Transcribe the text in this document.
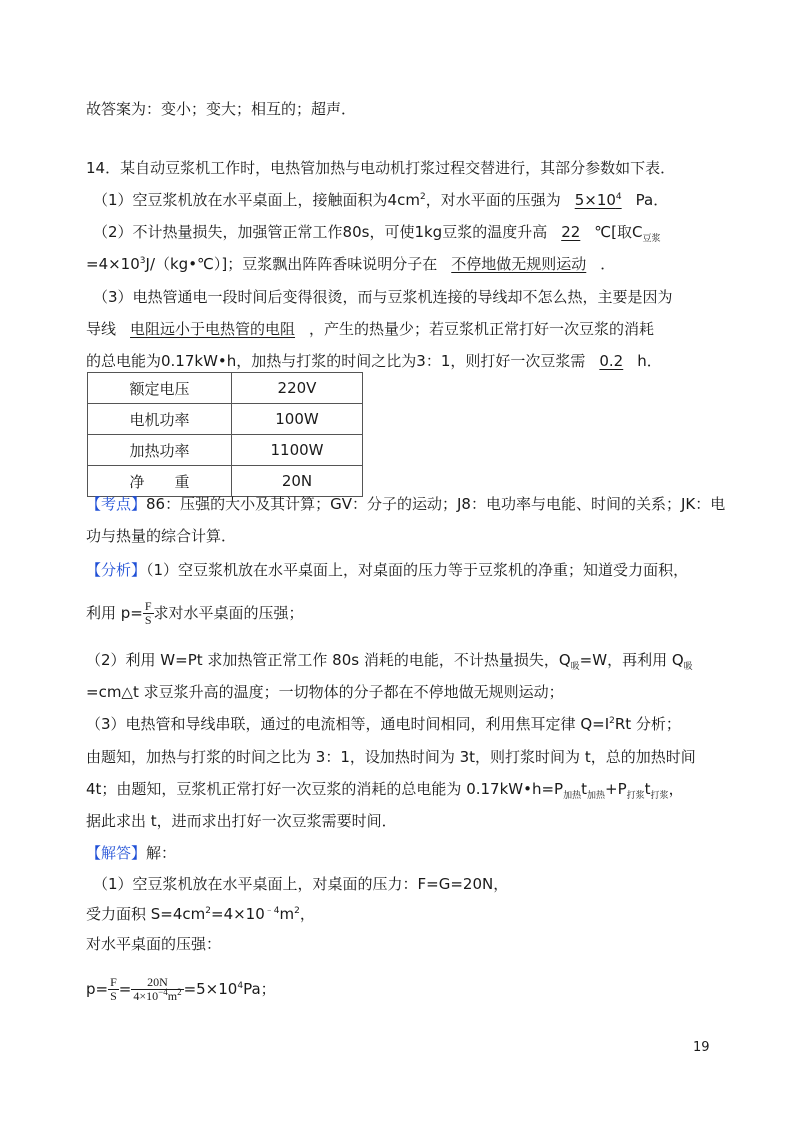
故答案为：变小；变大；相互的；超声．
14．某自动豆浆机工作时，电热管加热与电动机打浆过程交替进行，其部分参数如下表．
（1）空豆浆机放在水平桌面上，接触面积为$4cm^2$，对水平面的压强为 $5\times 10^4$ Pa．
（2）不计热量损失，加强管正常工作80s，可使1kg豆浆的温度升高 22 ℃[取$C_{豆浆}$
$=4\times 10^3J/(kg•℃)$]；豆浆飘出阵阵香味说明分子在 不停地做无规则运动 ．
（3）电热管通电一段时间后变得很烫，而与豆浆机连接的导线却不怎么热，主要是因为
导线 电阻远小于电热管的电阻 ，产生的热量少；若豆浆机正常打好一次豆浆的消耗
的总电能为0.17kW•h，加热与打浆的时间之比为3：1，则打好一次豆浆需 0.2 h．
额定电压	220V
电机功率	100W
加热功率	1100W
净　　重	20N
【考点】86：压强的大小及其计算；GV：分子的运动；J8：电功率与电能、时间的关系；JK：电
功与热量的综合计算．
【分析】（1）空豆浆机放在水平桌面上，对桌面的压力等于豆浆机的净重；知道受力面积，
利用 $p= \frac{F}{S}$ 求对水平桌面的压强；
（2）利用 W=Pt 求加热管正常工作 80s 消耗的电能，不计热量损失，$Q_吸=W$，再利用 $Q_吸$
=cm△t 求豆浆升高的温度；一切物体的分子都在不停地做无规则运动；
（3）电热管和导线串联，通过的电流相等，通电时间相同，利用焦耳定律 $Q=I^2Rt$ 分析；
由题知，加热与打浆的时间之比为 3：1，设加热时间为 3t，则打浆时间为 t，总的加热时间
4t；由题知，豆浆机正常打好一次豆浆的消耗的总电能为 $0.17kW•h=P_{加热}t_{加热}+P_{打浆}t_{打浆}$，
据此求出 t，进而求出打好一次豆浆需要时间．
【解答】解：
（1）空豆浆机放在水平桌面上，对桌面的压力：F=G=20N，
受力面积 $S=4cm^2=4\times 10^{﹣4}m^2$，
对水平桌面的压强：
$p= \frac{F}{S} = \frac{20N}{4\times 10^{-4}m^2} =5\times 10^4Pa$；
19
